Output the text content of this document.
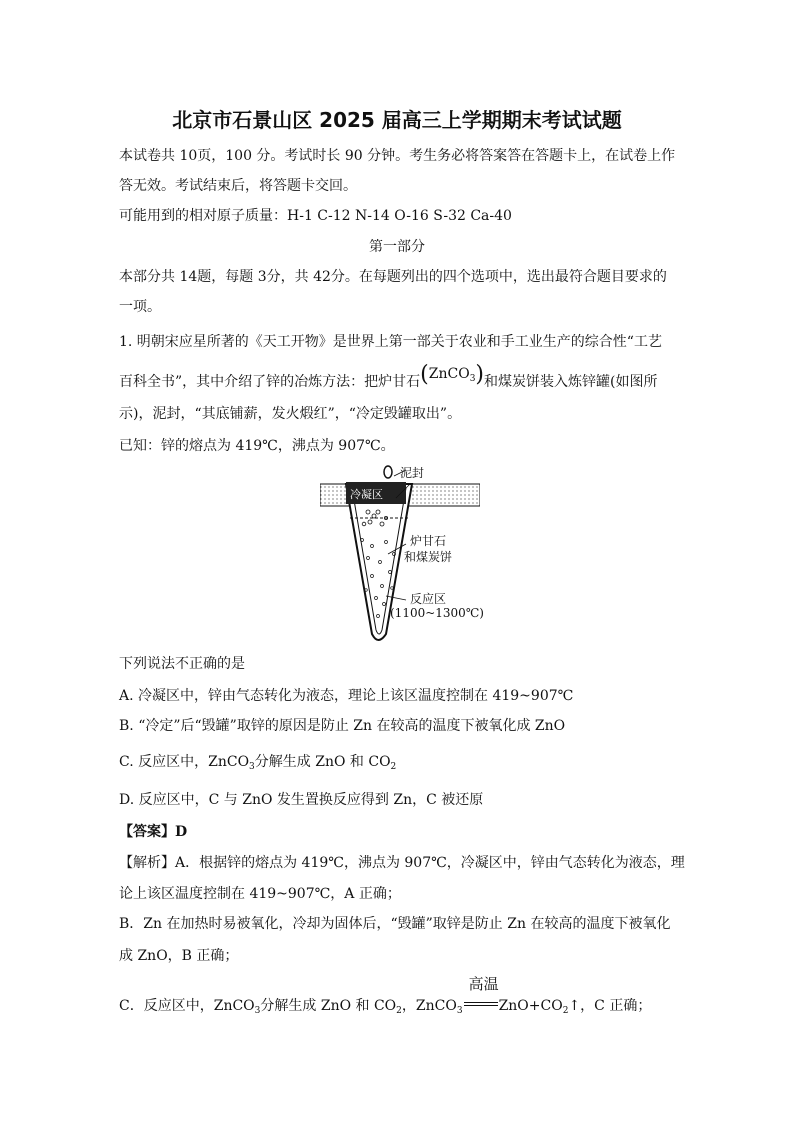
北京市石景山区 2025 届高三上学期期末考试试题
本试卷共 10页，100 分。考试时长 90 分钟。考生务必将答案答在答题卡上，在试卷上作
答无效。考试结束后，将答题卡交回。
可能用到的相对原子质量：H-1 C-12 N-14 O-16 S-32 Ca-40
第一部分
本部分共 14题，每题 3分，共 42分。在每题列出的四个选项中，选出最符合题目要求的
一项。
1. 明朝宋应星所著的《天工开物》是世界上第一部关于农业和手工业生产的综合性“工艺
百科全书”，其中介绍了锌的冶炼方法：把炉甘石(ZnCO$_3$)和煤炭饼装入炼锌罐(如图所
示)，泥封，“其底铺薪，发火煅红”，“冷定毁罐取出”。
已知：锌的熔点为 419℃，沸点为 907℃。
冷凝区
泥封
炉甘石
和煤炭饼
反应区
(1100~1300℃)
下列说法不正确的是
A. 冷凝区中，锌由气态转化为液态，理论上该区温度控制在 419~907℃
B. “冷定”后“毁罐”取锌的原因是防止 Zn 在较高的温度下被氧化成 ZnO
C. 反应区中，ZnCO$_3$分解生成 ZnO 和 $CO_2$
D. 反应区中，C 与 ZnO 发生置换反应得到 Zn，C 被还原
【答案】D
【解析】A．根据锌的熔点为 419℃，沸点为 907℃，冷凝区中，锌由气态转化为液态，理
论上该区温度控制在 419~907℃，A 正确；
B．Zn 在加热时易被氧化，冷却为固体后，“毁罐”取锌是防止 Zn 在较高的温度下被氧化
成 ZnO，B 正确；
C．反应区中，ZnCO$_3$分解生成 ZnO 和 $CO_2$，ZnCO$_3$
高温
$ZnO+CO_2↑$，C 正确；
